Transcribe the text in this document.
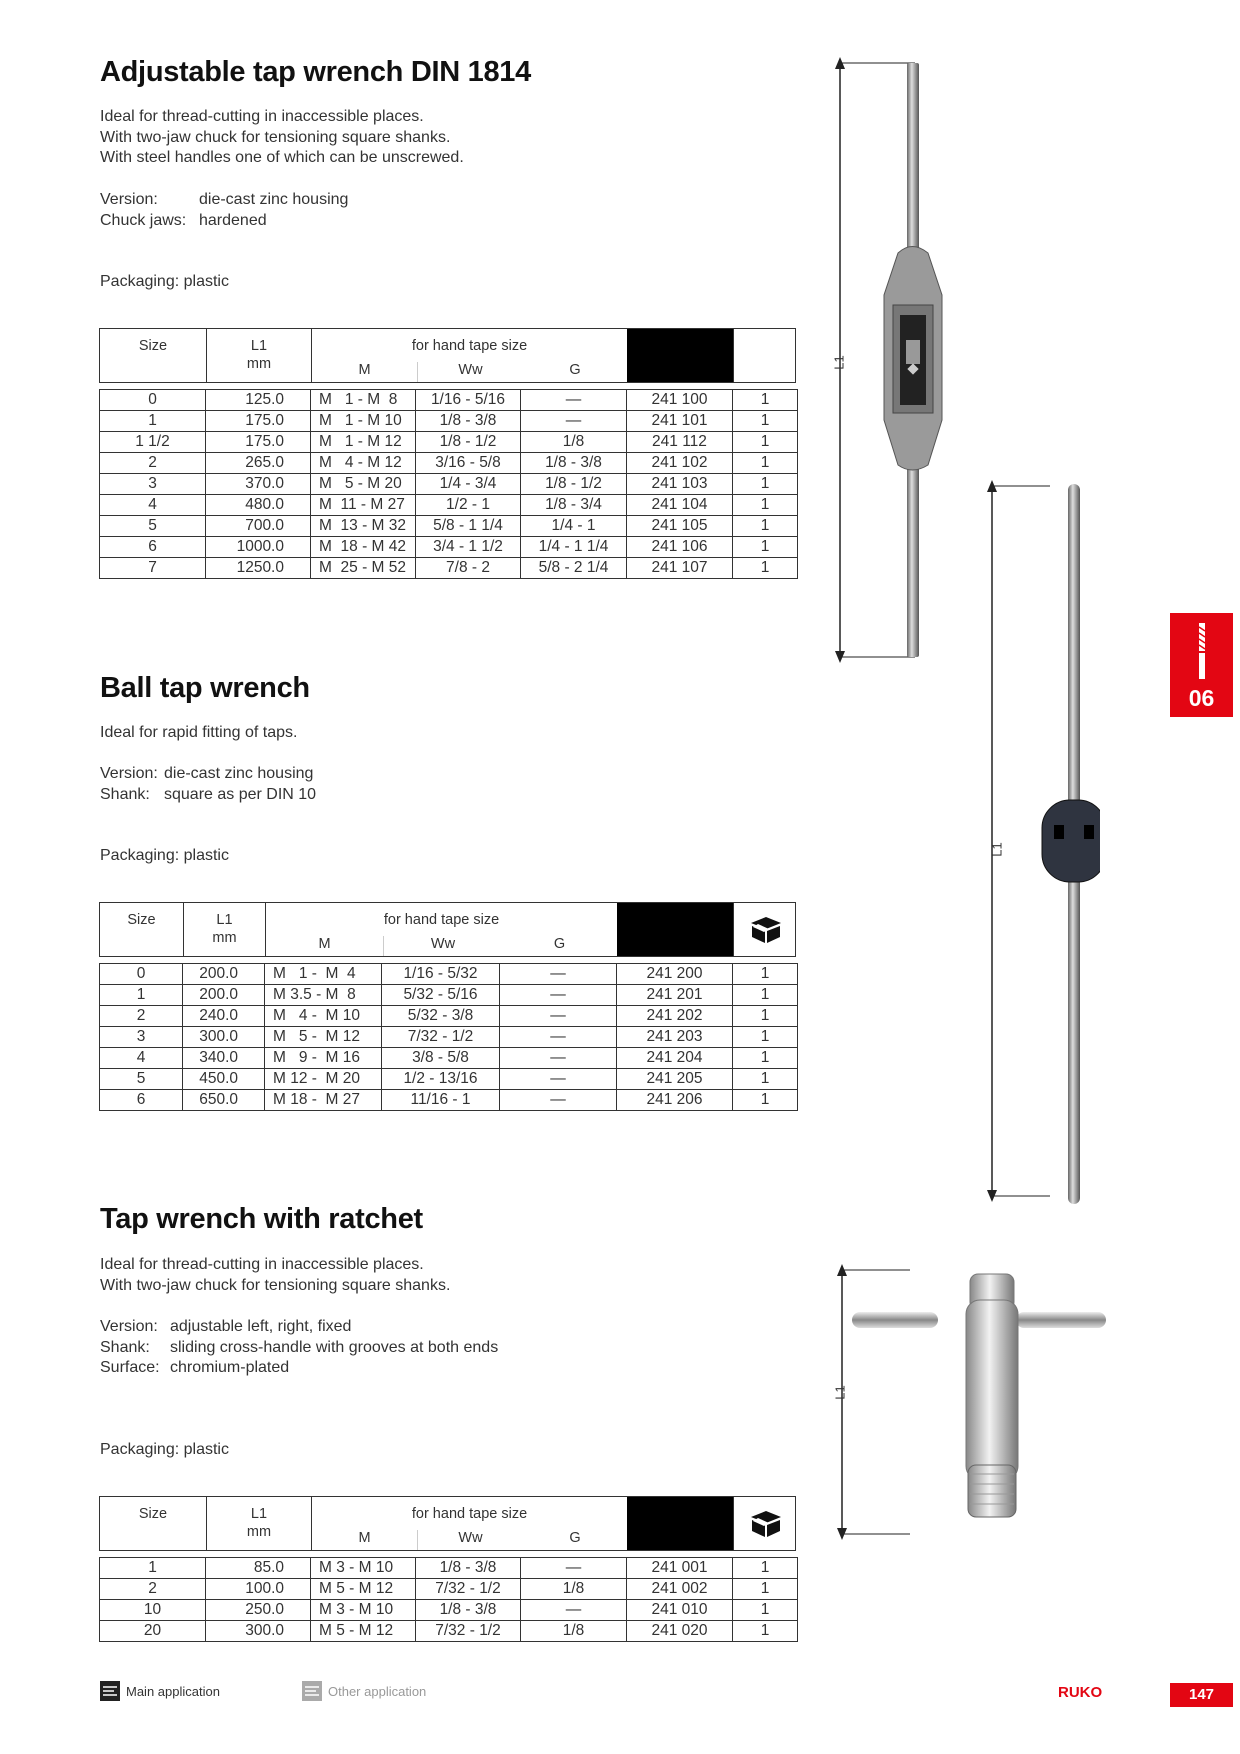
Adjustable tap wrench DIN 1814
Ideal for thread-cutting in inaccessible places.
With two-jaw chuck for tensioning square shanks.
With steel handles one of which can be unscrewed.
Version:	die-cast zinc housing
Chuck jaws: hardened
Packaging: plastic
Size	L1
mm
for hand tape size
M	Ww	G
0	125.0	M   1 - M  8	1/16 - 5/16	—	241 100	1
1	175.0	M   1 - M 10	1/8 - 3/8	—	241 101	1
1 1/2	175.0	M   1 - M 12	1/8 - 1/2	1/8	241 112	1
2	265.0	M   4 - M 12	3/16 - 5/8	1/8 - 3/8	241 102	1
3	370.0	M   5 - M 20	1/4 - 3/4	1/8 - 1/2	241 103	1
4	480.0	M  11 - M 27	1/2 - 1	1/8 - 3/4	241 104	1
5	700.0	M  13 - M 32	5/8 - 1 1/4	1/4 - 1	241 105	1
6	1000.0	M  18 - M 42	3/4 - 1 1/2	1/4 - 1 1/4	241 106	1
7	1250.0	M  25 - M 52	7/8 - 2	5/8 - 2 1/4	241 107	1
Ball tap wrench
Ideal for rapid fitting of taps.
Version: die-cast zinc housing
Shank: square as per DIN 10
Packaging: plastic
Size	L1
mm
for hand tape size
M	Ww	G
0	200.0	M   1 -  M  4	1/16 - 5/32	—	241 200	1
1	200.0	M 3.5 - M  8	5/32 - 5/16	—	241 201	1
2	240.0	M   4 -  M 10	5/32 - 3/8	—	241 202	1
3	300.0	M   5 -  M 12	7/32 - 1/2	—	241 203	1
4	340.0	M   9 -  M 16	3/8 - 5/8	—	241 204	1
5	450.0	M 12 -  M 20	1/2 - 13/16	—	241 205	1
6	650.0	M 18 -  M 27	11/16 - 1	—	241 206	1
Tap wrench with ratchet
Ideal for thread-cutting in inaccessible places.
With two-jaw chuck for tensioning square shanks.
Version: adjustable left, right, fixed
Shank:	sliding cross-handle with grooves at both ends
Surface: chromium-plated
Packaging: plastic
Size	L1
mm
for hand tape size
M	Ww	G
1	85.0	M 3 - M 10	1/8 - 3/8	—	241 001	1
2	100.0	M 5 - M 12	7/32 - 1/2	1/8	241 002	1
10	250.0	M 3 - M 10	1/8 - 3/8	—	241 010	1
20	300.0	M 5 - M 12	7/32 - 1/2	1/8	241 020	1
L1
L1
L1
06
Main application	Other application	RUKO	147
